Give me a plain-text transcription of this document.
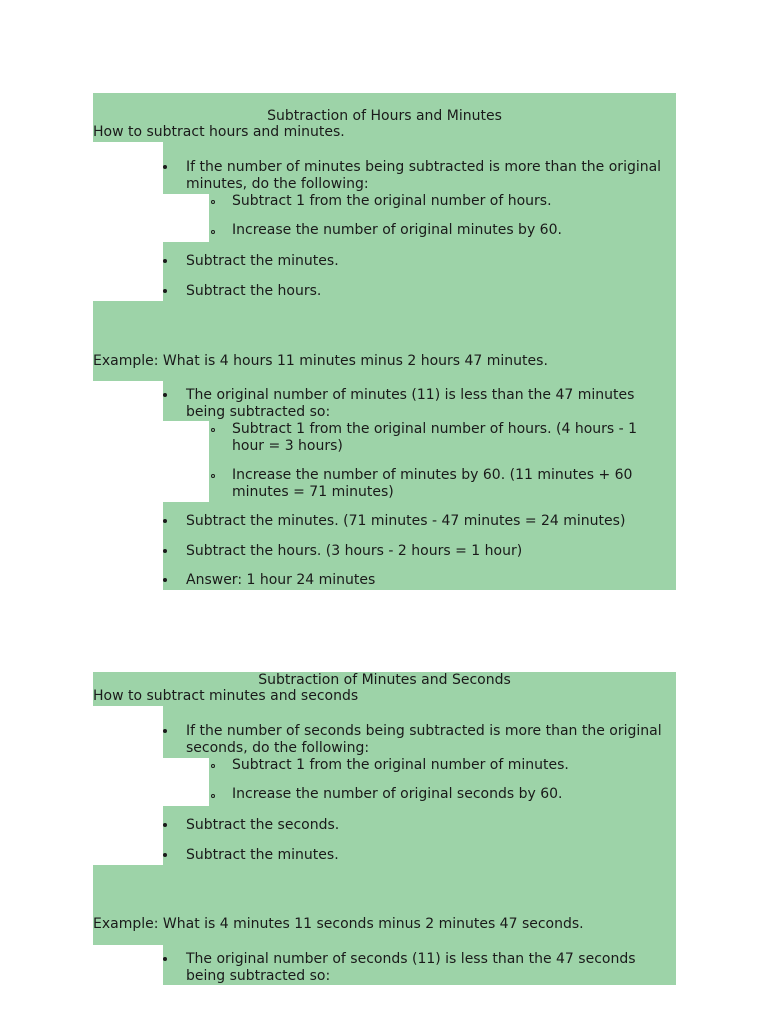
Subtraction of Hours and Minutes
How to subtract hours and minutes.
If the number of minutes being subtracted is more than the original
minutes, do the following:
Subtract 1 from the original number of hours.
Increase the number of original minutes by 60.
Subtract the minutes.
Subtract the hours.
Example: What is 4 hours 11 minutes minus 2 hours 47 minutes.
The original number of minutes (11) is less than the 47 minutes
being subtracted so:
Subtract 1 from the original number of hours. (4 hours - 1
hour = 3 hours)
Increase the number of minutes by 60. (11 minutes + 60
minutes = 71 minutes)
Subtract the minutes. (71 minutes - 47 minutes = 24 minutes)
Subtract the hours. (3 hours - 2 hours = 1 hour)
Answer: 1 hour 24 minutes
Subtraction of Minutes and Seconds
How to subtract minutes and seconds
If the number of seconds being subtracted is more than the original
seconds, do the following:
Subtract 1 from the original number of minutes.
Increase the number of original seconds by 60.
Subtract the seconds.
Subtract the minutes.
Example: What is 4 minutes 11 seconds minus 2 minutes 47 seconds.
The original number of seconds (11) is less than the 47 seconds
being subtracted so:
